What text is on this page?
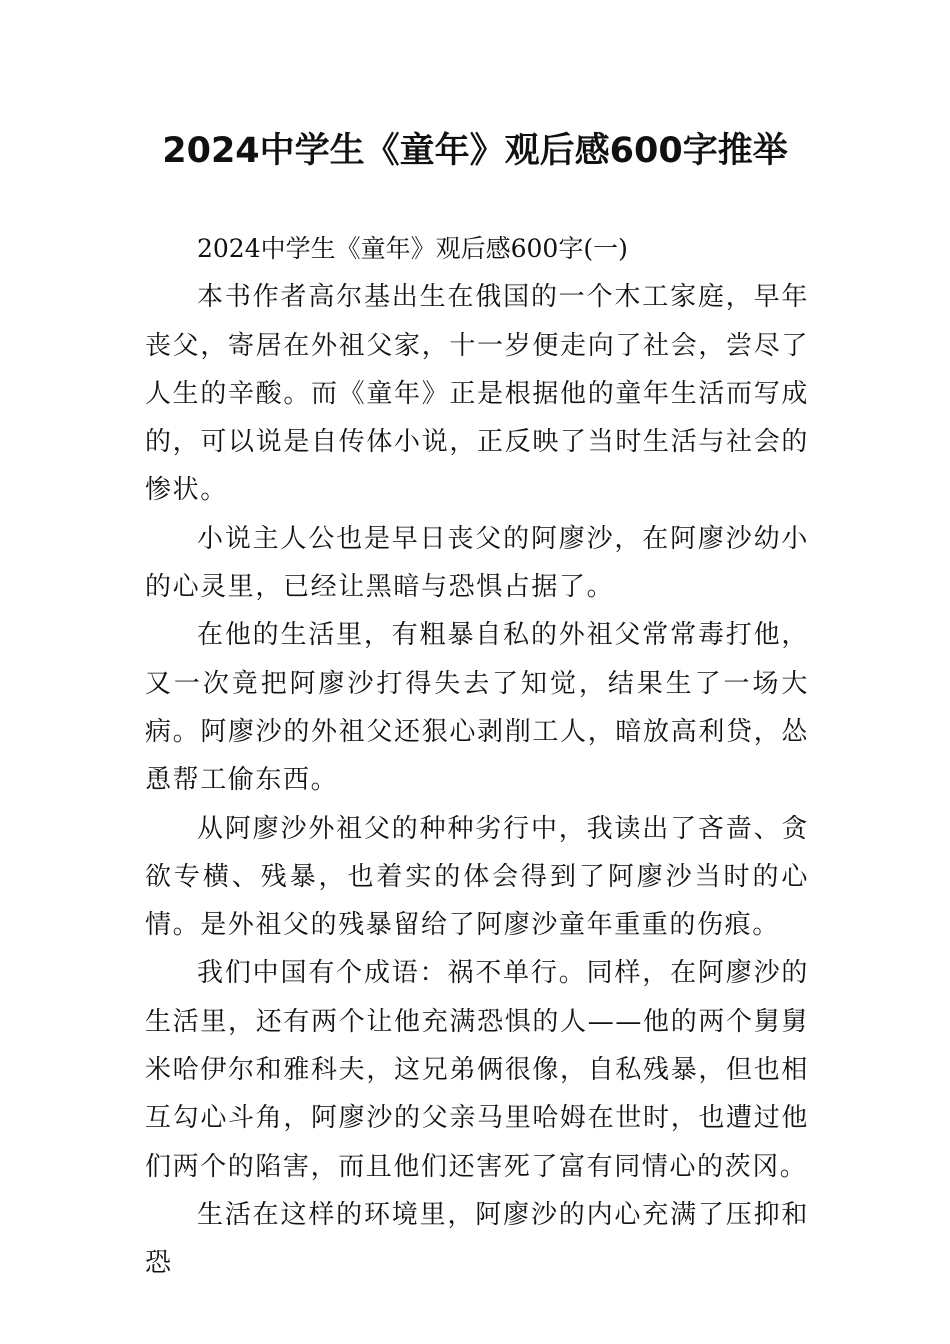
2024中学生《童年》观后感600字推举

2024中学生《童年》观后感600字(一)

本书作者高尔基出生在俄国的一个木工家庭，早年丧父，寄居在外祖父家，十一岁便走向了社会，尝尽了人生的辛酸。而《童年》正是根据他的童年生活而写成的，可以说是自传体小说，正反映了当时生活与社会的惨状。

小说主人公也是早日丧父的阿廖沙，在阿廖沙幼小的心灵里，已经让黑暗与恐惧占据了。

在他的生活里，有粗暴自私的外祖父常常毒打他，又一次竟把阿廖沙打得失去了知觉，结果生了一场大病。阿廖沙的外祖父还狠心剥削工人，暗放高利贷，怂恿帮工偷东西。

从阿廖沙外祖父的种种劣行中，我读出了吝啬、贪欲专横、残暴，也着实的体会得到了阿廖沙当时的心情。是外祖父的残暴留给了阿廖沙童年重重的伤痕。

我们中国有个成语：祸不单行。同样，在阿廖沙的生活里，还有两个让他充满恐惧的人——他的两个舅舅米哈伊尔和雅科夫，这兄弟俩很像，自私残暴，但也相互勾心斗角，阿廖沙的父亲马里哈姆在世时，也遭过他们两个的陷害，而且他们还害死了富有同情心的茨冈。

生活在这样的环境里，阿廖沙的内心充满了压抑和恐
